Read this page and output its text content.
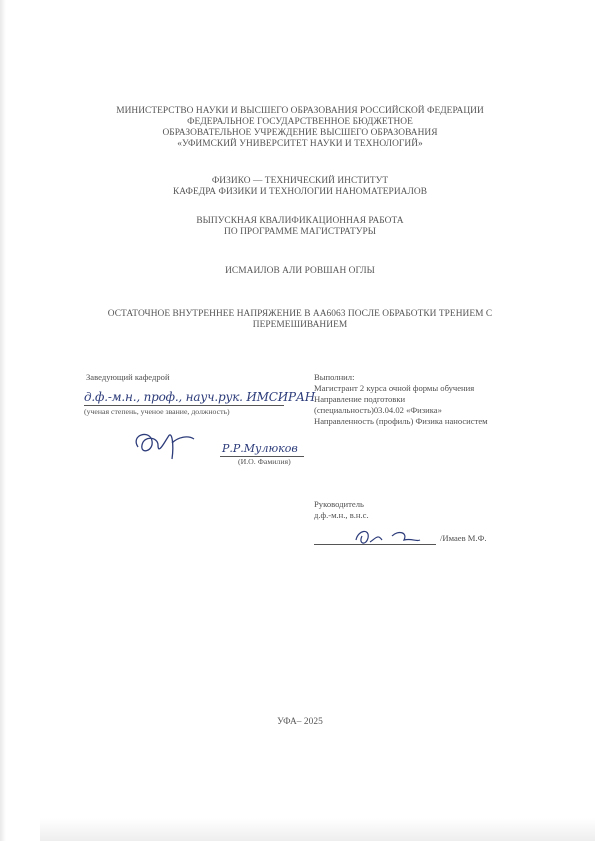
МИНИСТЕРСТВО НАУКИ И ВЫСШЕГО ОБРАЗОВАНИЯ РОССИЙСКОЙ ФЕДЕРАЦИИ
ФЕДЕРАЛЬНОЕ ГОСУДАРСТВЕННОЕ БЮДЖЕТНОЕ
ОБРАЗОВАТЕЛЬНОЕ УЧРЕЖДЕНИЕ ВЫСШЕГО ОБРАЗОВАНИЯ
«УФИМСКИЙ УНИВЕРСИТЕТ НАУКИ И ТЕХНОЛОГИЙ»
ФИЗИКО — ТЕХНИЧЕСКИЙ ИНСТИТУТ
КАФЕДРА ФИЗИКИ И ТЕХНОЛОГИИ НАНОМАТЕРИАЛОВ
ВЫПУСКНАЯ КВАЛИФИКАЦИОННАЯ РАБОТА
ПО ПРОГРАММЕ МАГИСТРАТУРЫ
ИСМАИЛОВ АЛИ РОВШАН ОГЛЫ
ОСТАТОЧНОЕ ВНУТРЕННЕЕ НАПРЯЖЕНИЕ В АА6063 ПОСЛЕ ОБРАБОТКИ ТРЕНИЕМ С
ПЕРЕМЕШИВАНИЕМ
Заведующий кафедрой
д.ф.-м.н., проф., науч.рук. ИМСИРАН
(ученая степень, ученое звание, должность)
Р.Р.Мулюков
(И.О. Фамилия)
Выполнил:
Магистрант 2 курса очной формы обучения
Направление подготовки
(специальность)03.04.02 «Физика»
Направленность (профиль) Физика наносистем
Руководитель
д.ф.-м.н., в.н.с.
/Имаев М.Ф.
УФА– 2025
